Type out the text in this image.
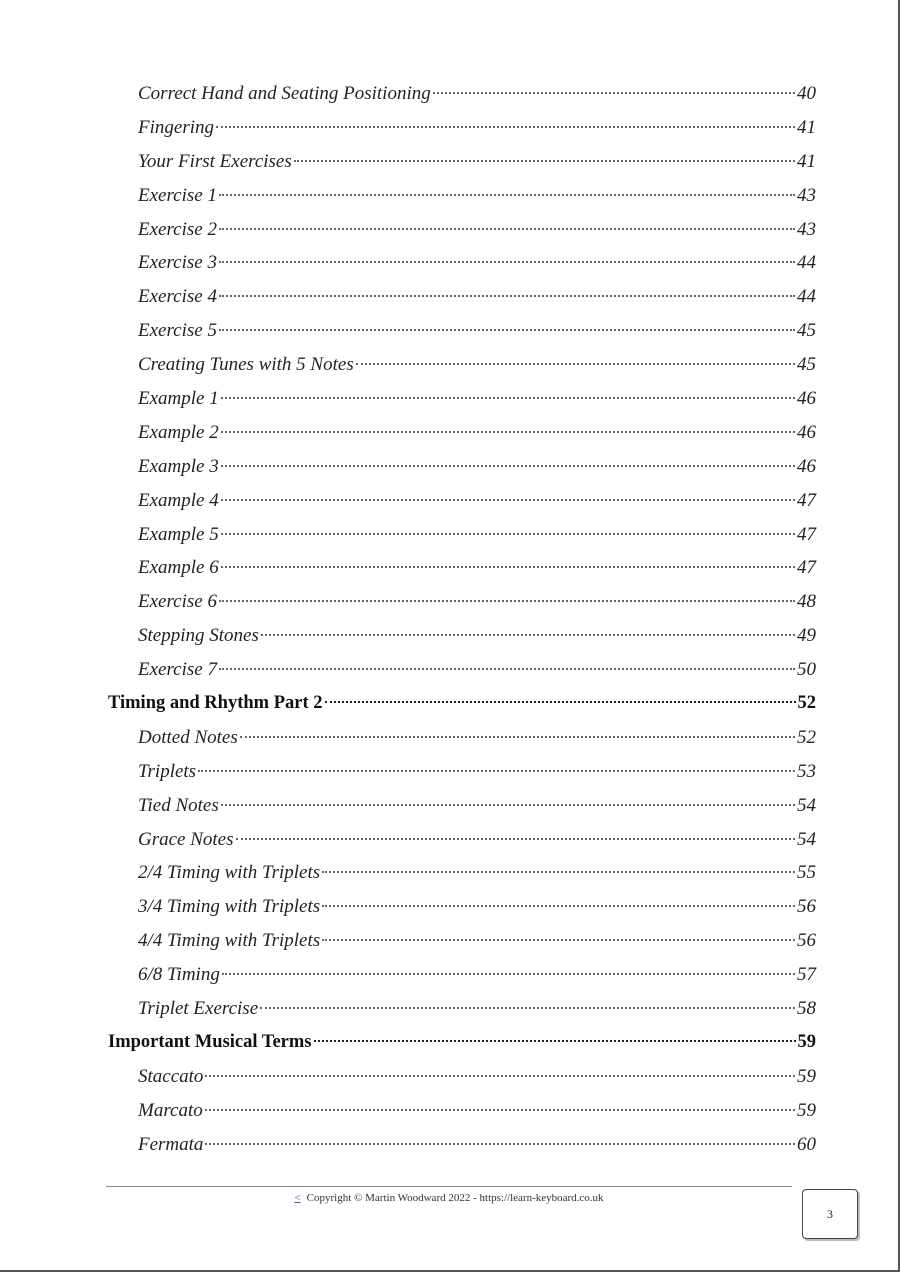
Correct Hand and Seating Positioning	40
Fingering	41
Your First Exercises	41
Exercise 1	43
Exercise 2	43
Exercise 3	44
Exercise 4	44
Exercise 5	45
Creating Tunes with 5 Notes	45
Example 1	46
Example 2	46
Example 3	46
Example 4	47
Example 5	47
Example 6	47
Exercise 6	48
Stepping Stones	49
Exercise 7	50
Timing and Rhythm Part 2	52
Dotted Notes	52
Triplets	53
Tied Notes	54
Grace Notes	54
2/4 Timing with Triplets	55
3/4 Timing with Triplets	56
4/4 Timing with Triplets	56
6/8 Timing	57
Triplet Exercise	58
Important Musical Terms	59
Staccato	59
Marcato	59
Fermata	60
< Copyright © Martin Woodward 2022 - https://learn-keyboard.co.uk
3
